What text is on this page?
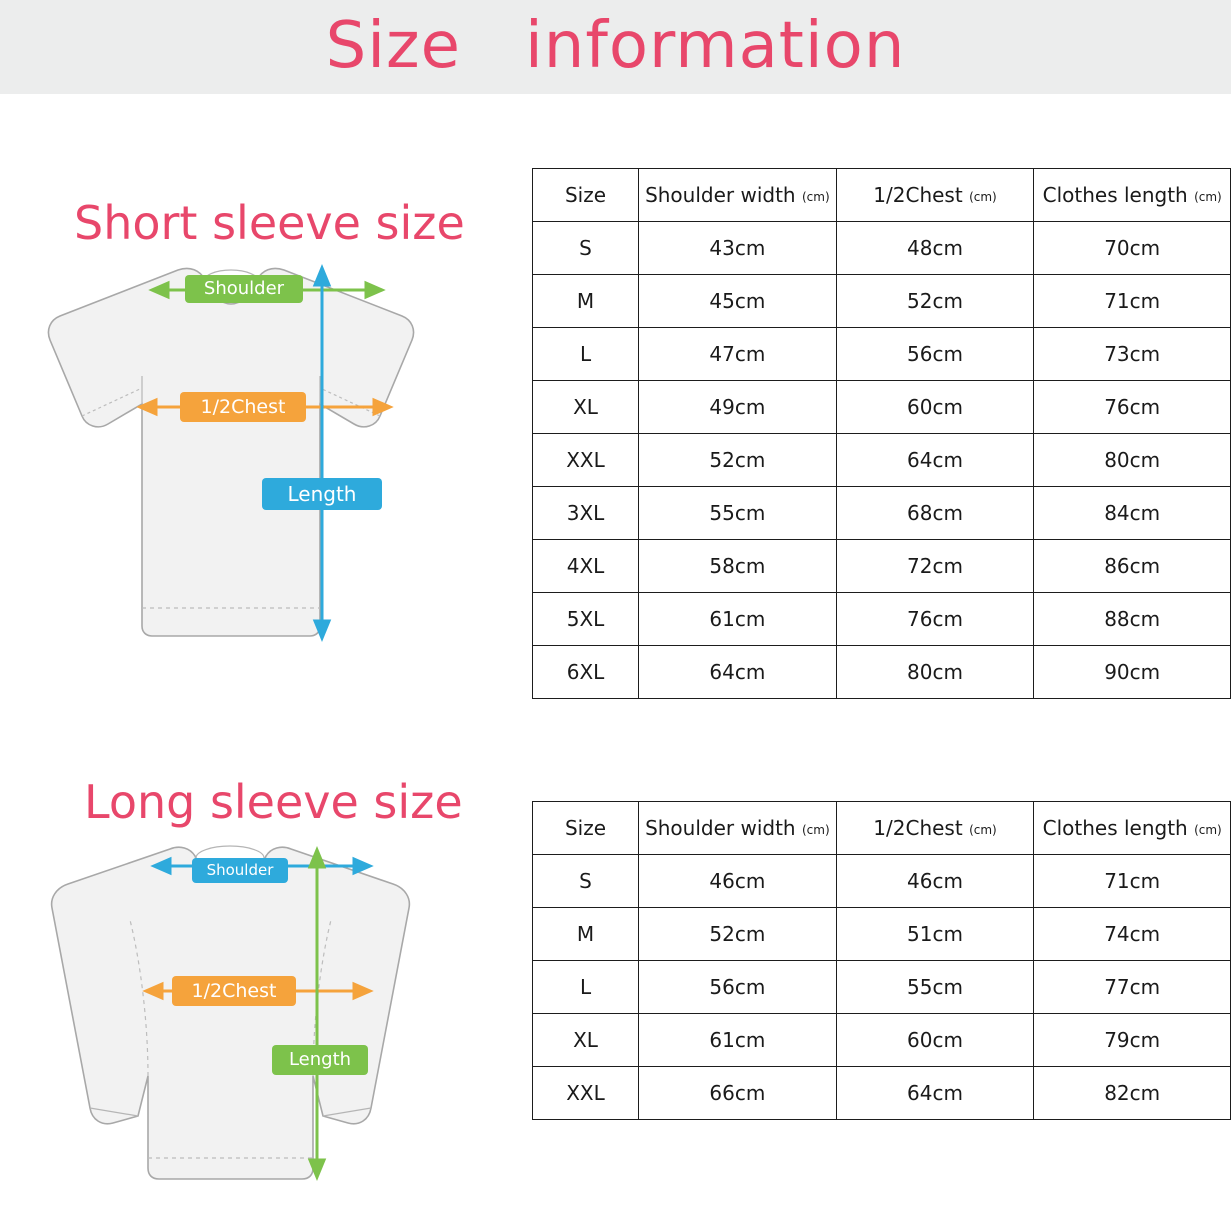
Size   information
Short sleeve size
Shoulder
1/2Chest
Length
Size	Shoulder width (cm)	1/2Chest (cm)	Clothes length (cm)
S	43cm	48cm	70cm
M	45cm	52cm	71cm
L	47cm	56cm	73cm
XL	49cm	60cm	76cm
XXL	52cm	64cm	80cm
3XL	55cm	68cm	84cm
4XL	58cm	72cm	86cm
5XL	61cm	76cm	88cm
6XL	64cm	80cm	90cm
Long sleeve size
Shoulder
1/2Chest
Length
Size	Shoulder width (cm)	1/2Chest (cm)	Clothes length (cm)
S	46cm	46cm	71cm
M	52cm	51cm	74cm
L	56cm	55cm	77cm
XL	61cm	60cm	79cm
XXL	66cm	64cm	82cm
